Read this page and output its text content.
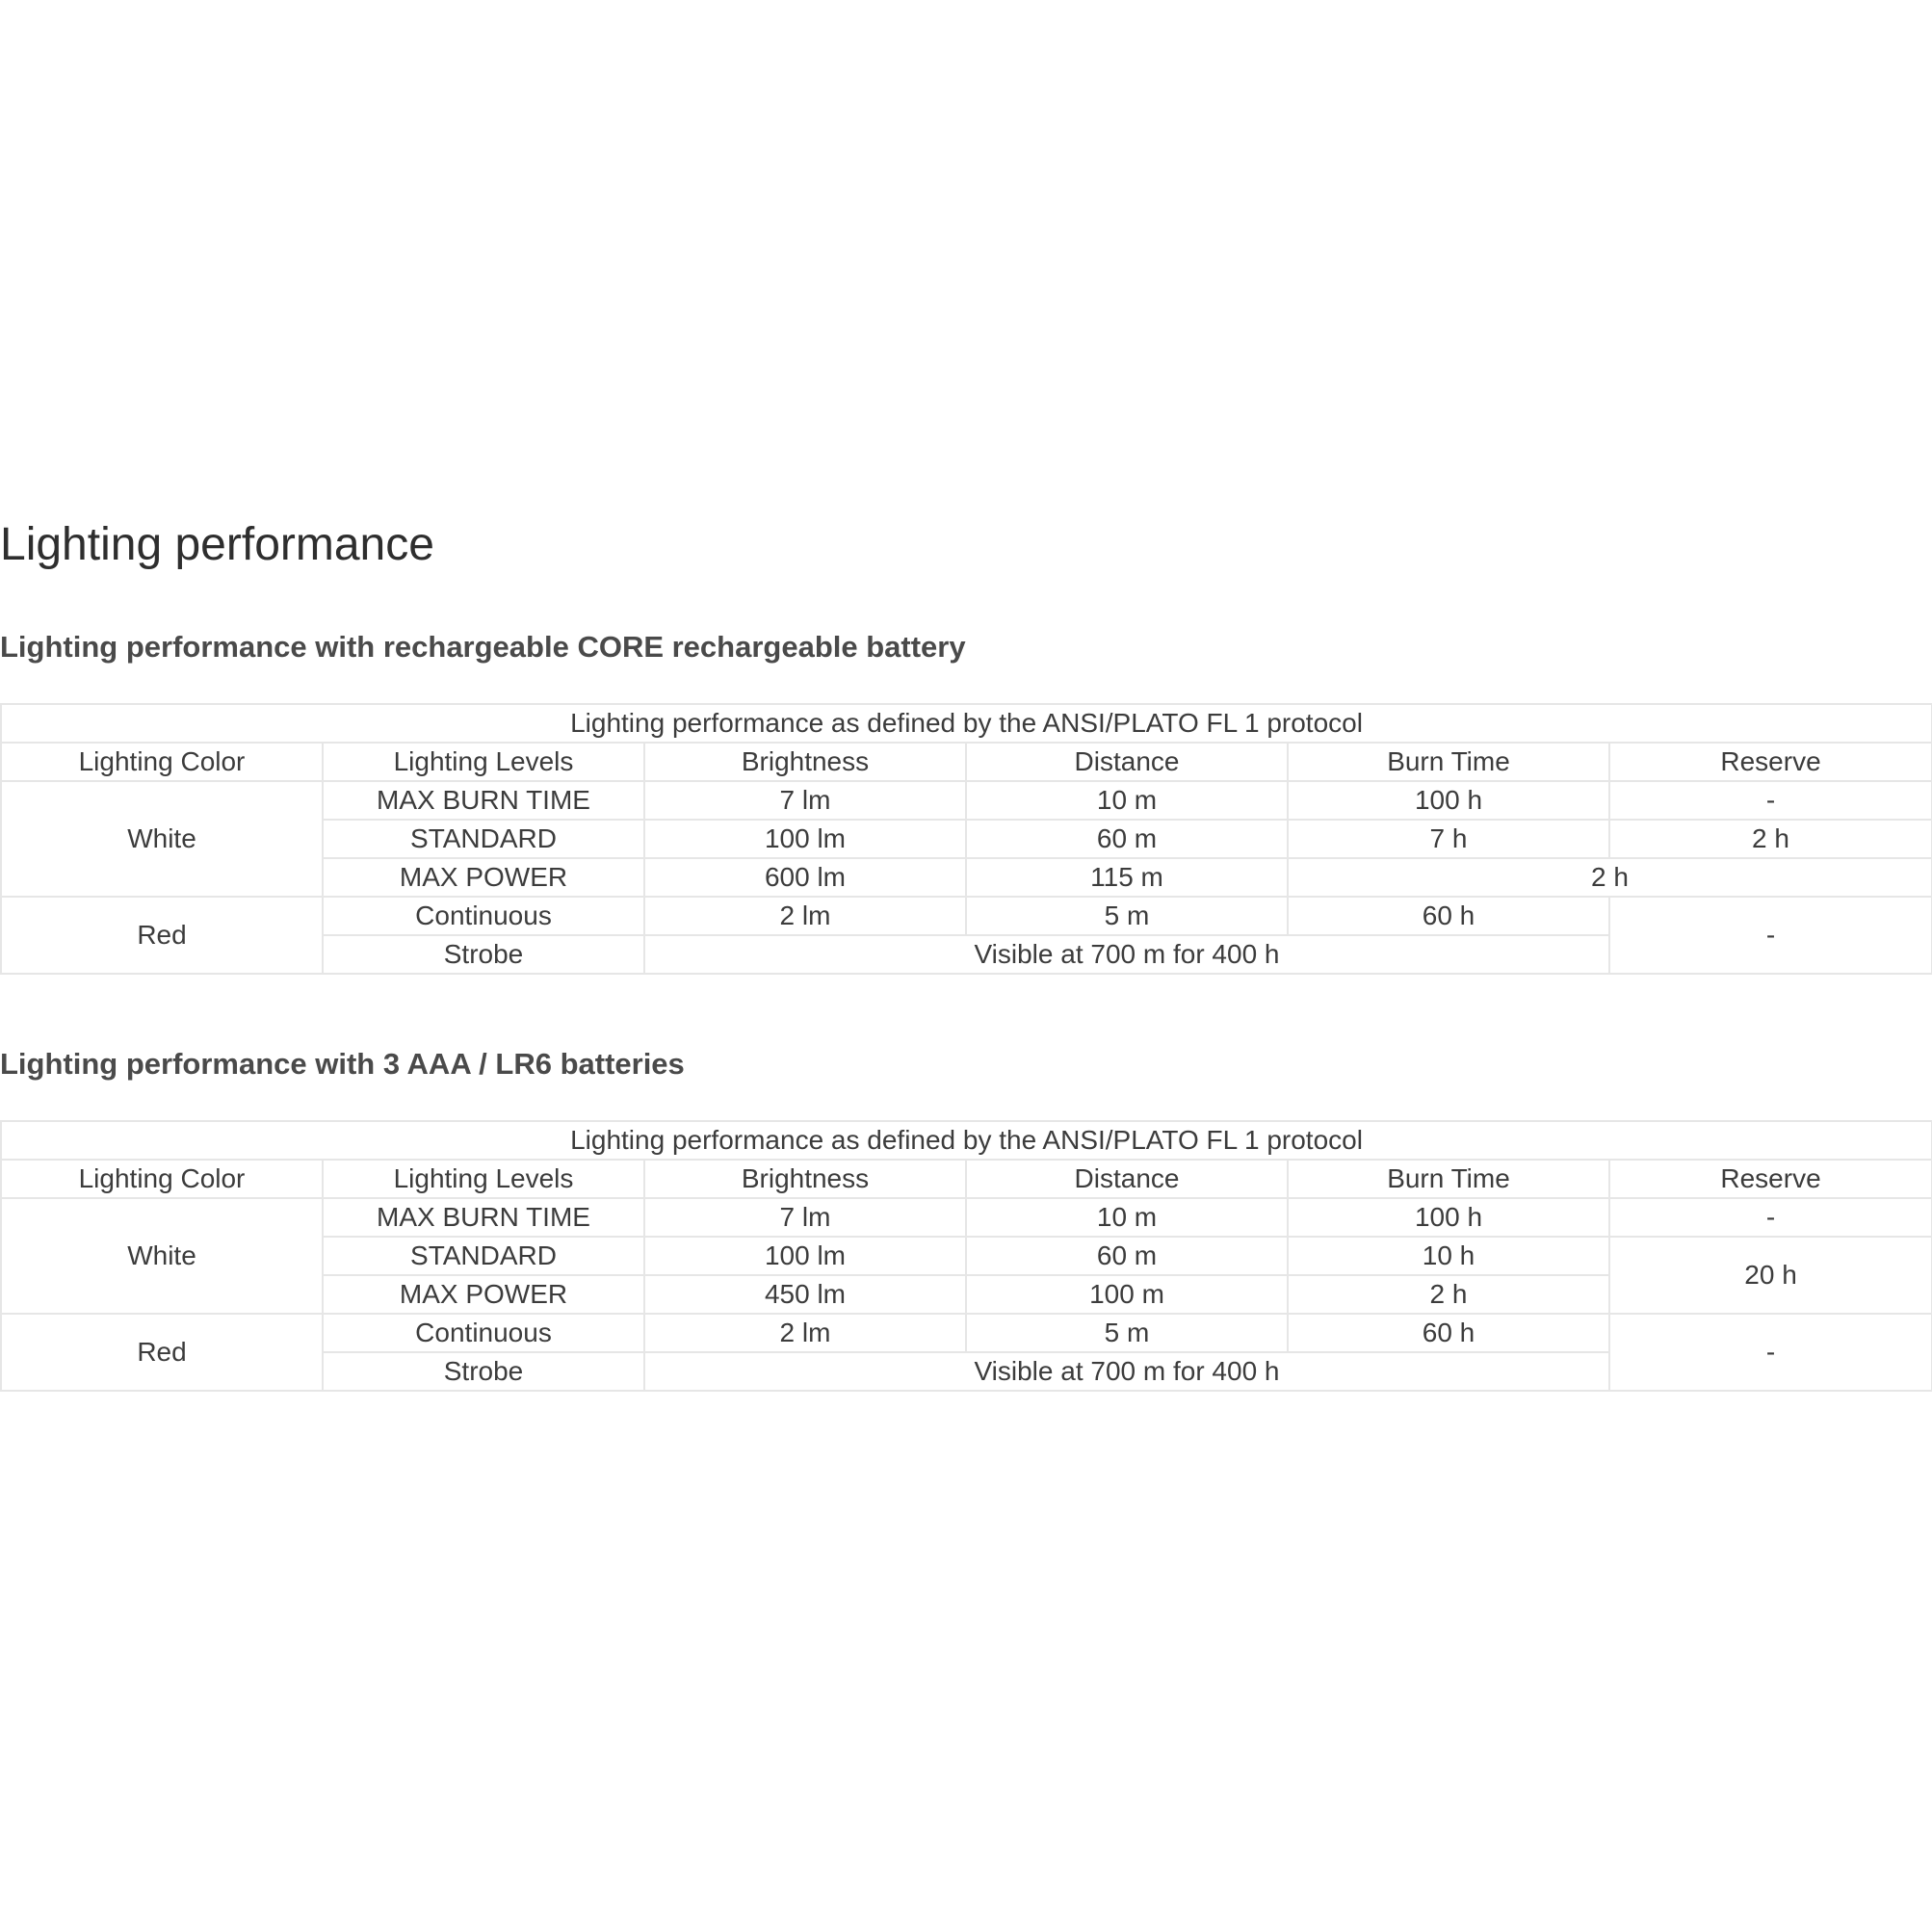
Lighting performance
Lighting performance with rechargeable CORE rechargeable battery
Lighting performance as defined by the ANSI/PLATO FL 1 protocol					
Lighting Color	Lighting Levels	Brightness	Distance	Burn Time	Reserve
White	MAX BURN TIME	7 lm	10 m	100 h	-
	STANDARD	100 lm	60 m	7 h	2 h
	MAX POWER	600 lm	115 m	2 h	
Red	Continuous	2 lm	5 m	60 h	-
	Strobe	Visible at 700 m for 400 h			
Lighting performance with 3 AAA / LR6 batteries
Lighting performance as defined by the ANSI/PLATO FL 1 protocol					
Lighting Color	Lighting Levels	Brightness	Distance	Burn Time	Reserve
White	MAX BURN TIME	7 lm	10 m	100 h	-
	STANDARD	100 lm	60 m	10 h	20 h
	MAX POWER	450 lm	100 m	2 h	
Red	Continuous	2 lm	5 m	60 h	-
	Strobe	Visible at 700 m for 400 h			
